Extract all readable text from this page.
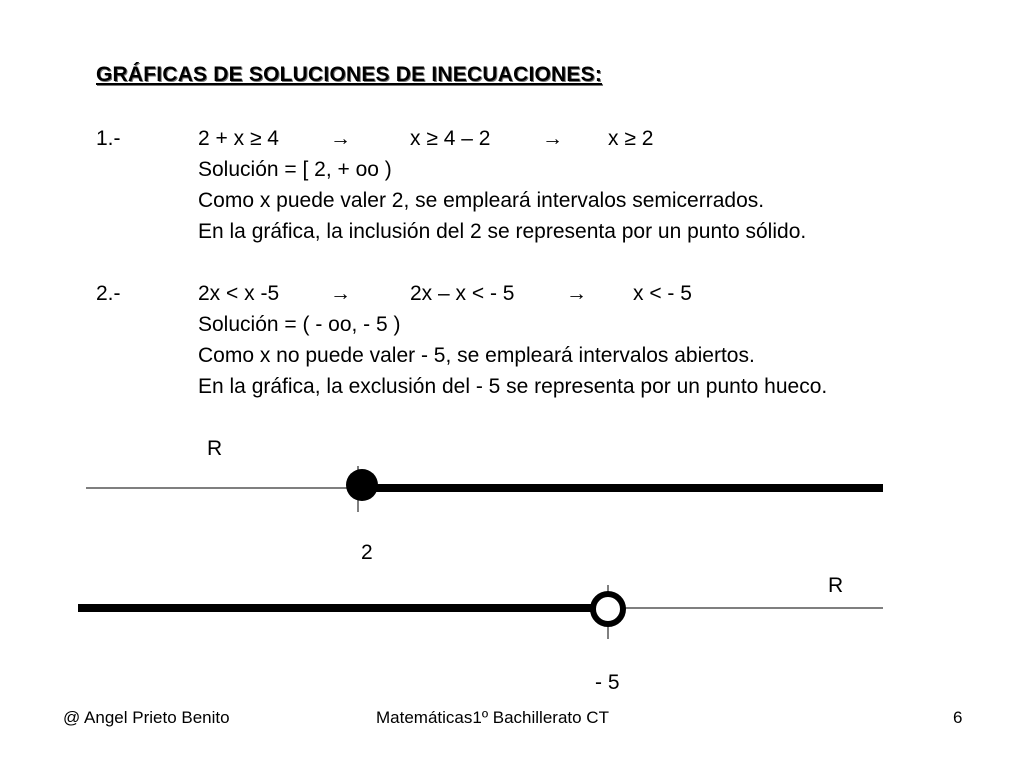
GRÁFICAS DE SOLUCIONES DE INECUACIONES:
1.-	2 + x ≥ 4 →	x ≥ 4 – 2 → x ≥ 2
Solución = [ 2, + oo )
Como x puede valer 2, se empleará intervalos semicerrados.
En la gráfica, la inclusión del 2 se representa por un punto sólido.
2.-	2x < x -5 →	2x – x < - 5 → x < - 5
Solución = ( - oo, - 5 )
Como x no puede valer - 5, se empleará intervalos abiertos.
En la gráfica, la exclusión del - 5 se representa por un punto hueco.
R
2
R
- 5
@ Angel Prieto Benito	Matemáticas1º Bachillerato CT	6
